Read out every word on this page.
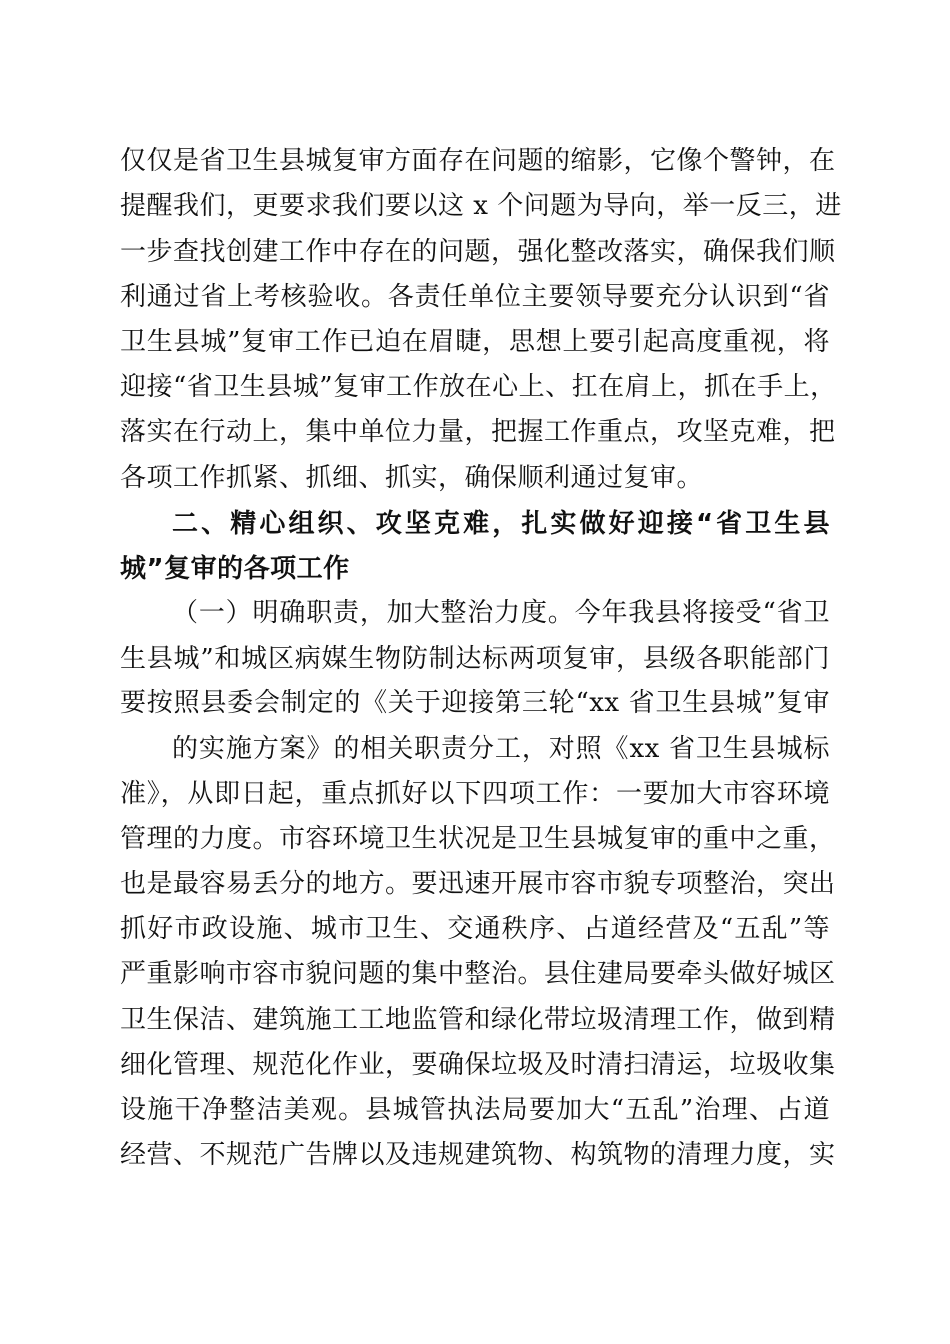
仅仅是省卫生县城复审方面存在问题的缩影，它像个警钟，在
提醒我们，更要求我们要以这 x 个问题为导向，举一反三，进
一步查找创建工作中存在的问题，强化整改落实，确保我们顺
利通过省上考核验收。各责任单位主要领导要充分认识到“省
卫生县城”复审工作已迫在眉睫，思想上要引起高度重视，将
迎接“省卫生县城”复审工作放在心上、扛在肩上，抓在手上，
落实在行动上，集中单位力量，把握工作重点，攻坚克难，把
各项工作抓紧、抓细、抓实，确保顺利通过复审。
二、精心组织、攻坚克难，扎实做好迎接“省卫生县
城”复审的各项工作
（一）明确职责，加大整治力度。今年我县将接受“省卫
生县城”和城区病媒生物防制达标两项复审，县级各职能部门
要按照县委会制定的《关于迎接第三轮“xx 省卫生县城”复审
的实施方案》的相关职责分工，对照《xx 省卫生县城标
准》，从即日起，重点抓好以下四项工作：一要加大市容环境
管理的力度。市容环境卫生状况是卫生县城复审的重中之重，
也是最容易丢分的地方。要迅速开展市容市貌专项整治，突出
抓好市政设施、城市卫生、交通秩序、占道经营及“五乱”等
严重影响市容市貌问题的集中整治。县住建局要牵头做好城区
卫生保洁、建筑施工工地监管和绿化带垃圾清理工作，做到精
细化管理、规范化作业，要确保垃圾及时清扫清运，垃圾收集
设施干净整洁美观。县城管执法局要加大“五乱”治理、占道
经营、不规范广告牌以及违规建筑物、构筑物的清理力度，实
